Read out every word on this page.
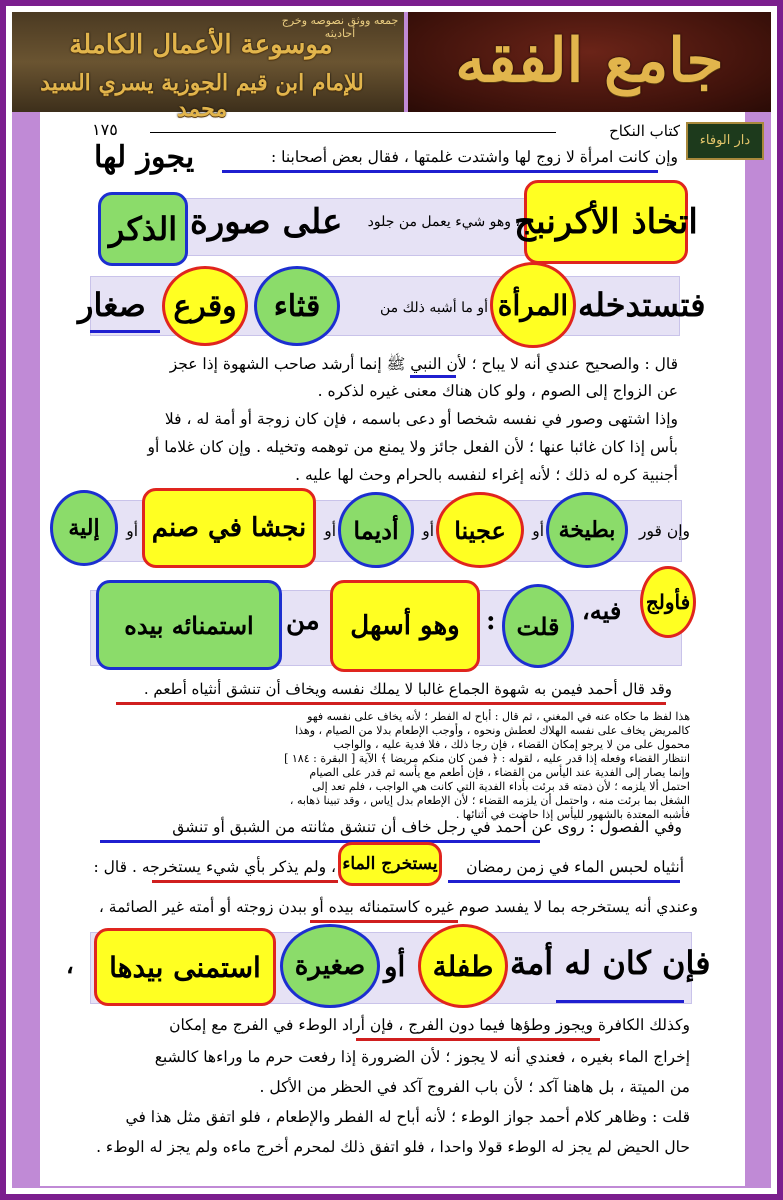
جمعه ووثق نصوصه وخرج أحاديثه
موسوعة الأعمال الكاملة
للإمام ابن قيم الجوزية يسري السيد محمد
جامع الفقه
دار الوفاء
كتاب النكاح
١٧٥
يجوز لها	وإن كانت امرأة لا زوج لها واشتدت غلمتها ، فقال بعض أصحابنا :
اتخاذ الأكرنبج
، وهو شيء يعمل من جلود
على صورة
الذكر
فتستدخله
المرأة
أو ما أشبه ذلك من
قثاء
وقرع
صغار
قال : والصحيح عندي أنه لا يباح ؛ لأن النبي ﷺ إنما أرشد صاحب الشهوة إذا عجز
عن الزواج إلى الصوم ، ولو كان هناك معنى غيره لذكره .
وإذا اشتهى وصور في نفسه شخصا أو دعى باسمه ، فإن كان زوجة أو أمة له ، فلا
بأس إذا كان غائبا عنها ؛ لأن الفعل جائز ولا يمنع من توهمه وتخيله . وإن كان غلاما أو
أجنبية كره له ذلك ؛ لأنه إغراء لنفسه بالحرام وحث لها عليه .
وإن قور
بطيخة
أو
عجينا
أو
أديما
أو
نجشا في صنم
أو
إلية
فأولج
فيه،
قلت
:
وهو أسهل
من
استمنائه بيده
وقد قال أحمد فيمن به شهوة الجماع غالبا لا يملك نفسه ويخاف أن تنشق أنثياه أطعم .
هذا لفظ ما حكاه عنه في المغني ، ثم قال : أباح له الفطر ؛ لأنه يخاف على نفسه فهو
كالمريض يخاف على نفسه الهلاك لعطش ونحوه ، وأوجب الإطعام بدلا من الصيام ، وهذا
محمول على من لا يرجو إمكان القضاء ، فإن رجا ذلك ، فلا فدية عليه ، والواجب
انتظار القضاء وفعله إذا قدر عليه ، لقوله : ﴿ فمن كان منكم مريضا ﴾ الآية [ البقرة : ١٨٤ ]
وإنما يصار إلى الفدية عند اليأس من القضاء ، فإن أطعم مع يأسه ثم قدر على الصيام
احتمل ألا يلزمه ؛ لأن ذمته قد برئت بأداء الفدية التي كانت هي الواجب ، فلم تعد إلى
الشغل بما برئت منه ، واحتمل أن يلزمه القضاء ؛ لأن الإطعام بدل إياس ، وقد تبينا ذهابه ،
فأشبه المعتدة بالشهور لليأس إذا حاضت في أثنائها .
وفي الفصول : روى عن أحمد في رجل خاف أن تنشق مثانته من الشبق أو تنشق
أنثياه لحبس الماء في زمن رمضان
يستخرج الماء
، ولم يذكر بأي شيء يستخرجه . قال :
وعندي أنه يستخرجه بما لا يفسد صوم غيره كاستمنائه بيده أو ببدن زوجته أو أمته غير الصائمة ،
فإن كان له أمة
طفلة
أو
صغيرة
استمنى بيدها
،
وكذلك الكافرة ويجوز وطؤها فيما دون الفرج ، فإن أراد الوطء في الفرج مع إمكان
إخراج الماء بغيره ، فعندي أنه لا يجوز ؛ لأن الضرورة إذا رفعت حرم ما وراءها كالشبع
من الميتة ، بل هاهنا آكد ؛ لأن باب الفروج آكد في الحظر من الأكل .
قلت : وظاهر كلام أحمد جواز الوطء ؛ لأنه أباح له الفطر والإطعام ، فلو اتفق مثل هذا في
حال الحيض لم يجز له الوطء قولا واحدا ، فلو اتفق ذلك لمحرم أخرج ماءه ولم يجز له الوطء .
